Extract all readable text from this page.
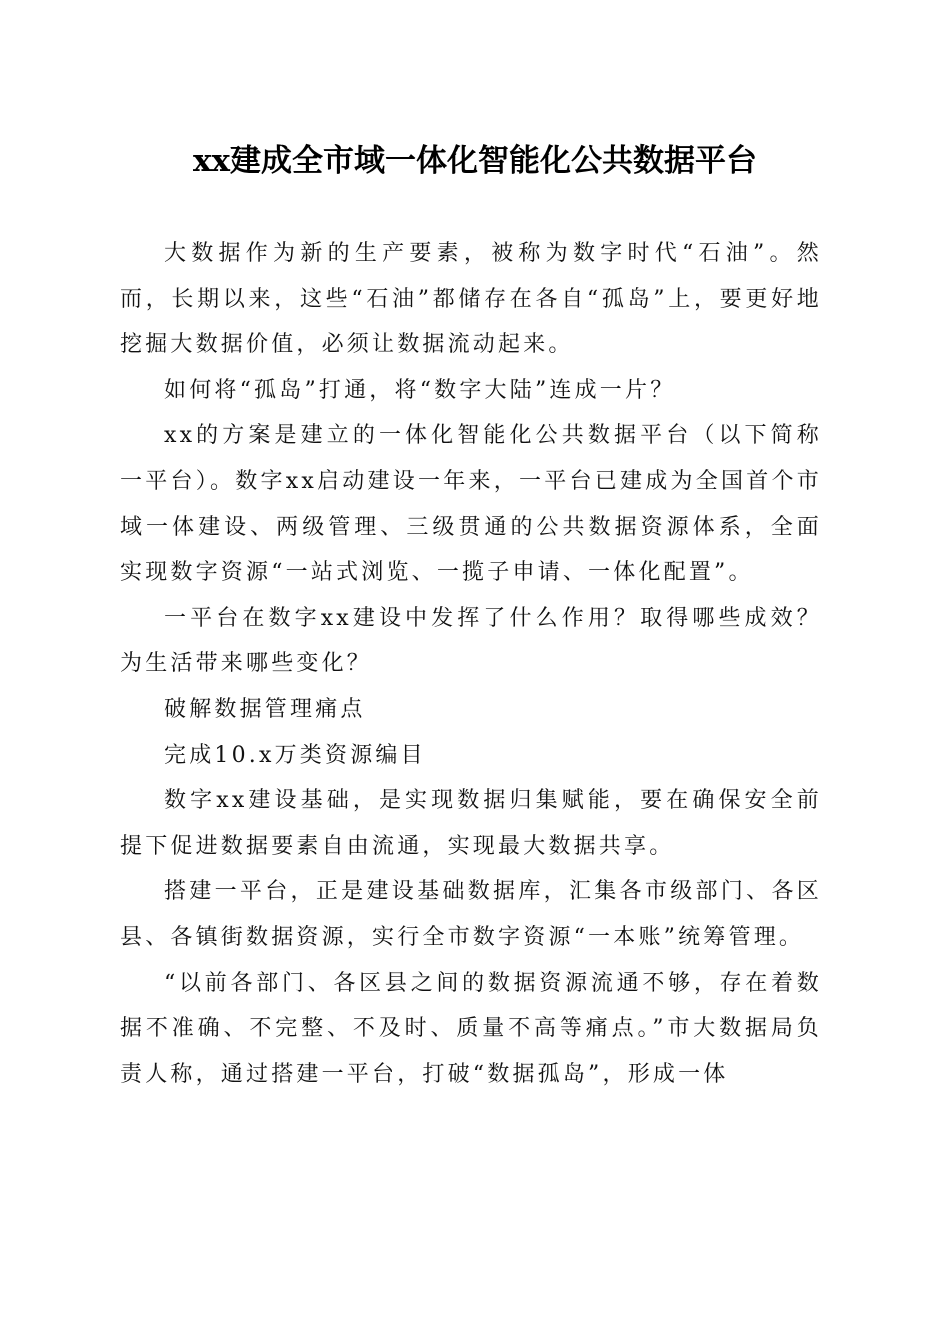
xx建成全市域一体化智能化公共数据平台

大数据作为新的生产要素，被称为数字时代“石油”。然而，长期以来，这些“石油”都储存在各自“孤岛”上，要更好地挖掘大数据价值，必须让数据流动起来。

如何将“孤岛”打通，将“数字大陆”连成一片？

xx的方案是建立的一体化智能化公共数据平台（以下简称一平台）。数字xx启动建设一年来，一平台已建成为全国首个市域一体建设、两级管理、三级贯通的公共数据资源体系，全面实现数字资源“一站式浏览、一揽子申请、一体化配置”。

一平台在数字xx建设中发挥了什么作用？取得哪些成效？为生活带来哪些变化？

破解数据管理痛点

完成10.x万类资源编目

数字xx建设基础，是实现数据归集赋能，要在确保安全前提下促进数据要素自由流通，实现最大数据共享。

搭建一平台，正是建设基础数据库，汇集各市级部门、各区县、各镇街数据资源，实行全市数字资源“一本账”统筹管理。

“以前各部门、各区县之间的数据资源流通不够，存在着数据不准确、不完整、不及时、质量不高等痛点。”市大数据局负责人称，通过搭建一平台，打破“数据孤岛”，形成一体
